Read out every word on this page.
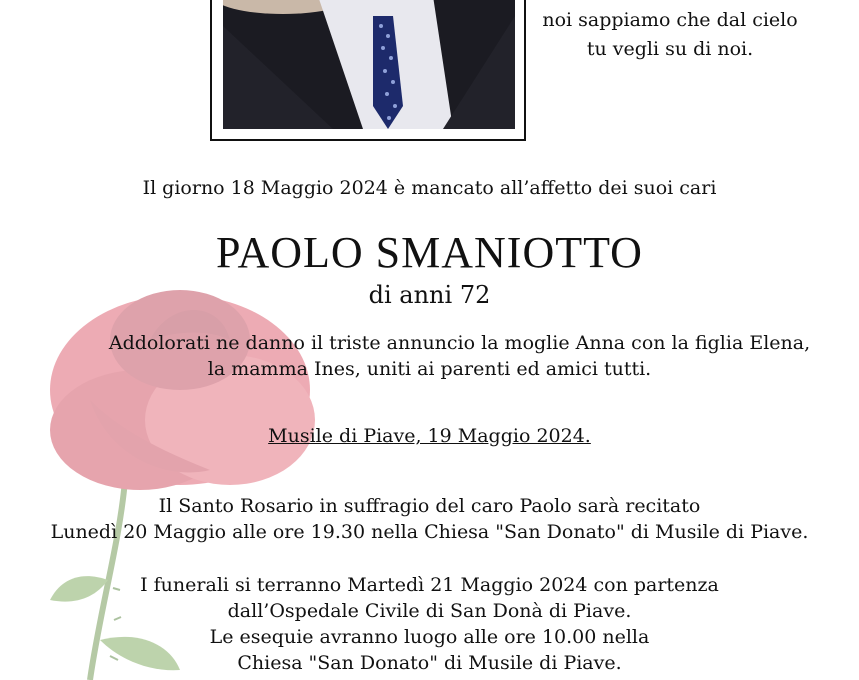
noi sappiamo che dal cielo
tu vegli su di noi.
Il giorno 18 Maggio 2024 è mancato all’affetto dei suoi cari
PAOLO SMANIOTTO
di anni 72
Addolorati ne danno il triste annuncio la moglie Anna con la figlia Elena,
la mamma Ines, uniti ai parenti ed amici tutti.
Musile di Piave, 19 Maggio 2024.
Il Santo Rosario in suffragio del caro Paolo sarà recitato
Lunedì 20 Maggio alle ore 19.30 nella Chiesa "San Donato" di Musile di Piave.
I funerali si terranno Martedì 21 Maggio 2024 con partenza
dall’Ospedale Civile di San Donà di Piave.
Le esequie avranno luogo alle ore 10.00 nella
Chiesa "San Donato" di Musile di Piave.
